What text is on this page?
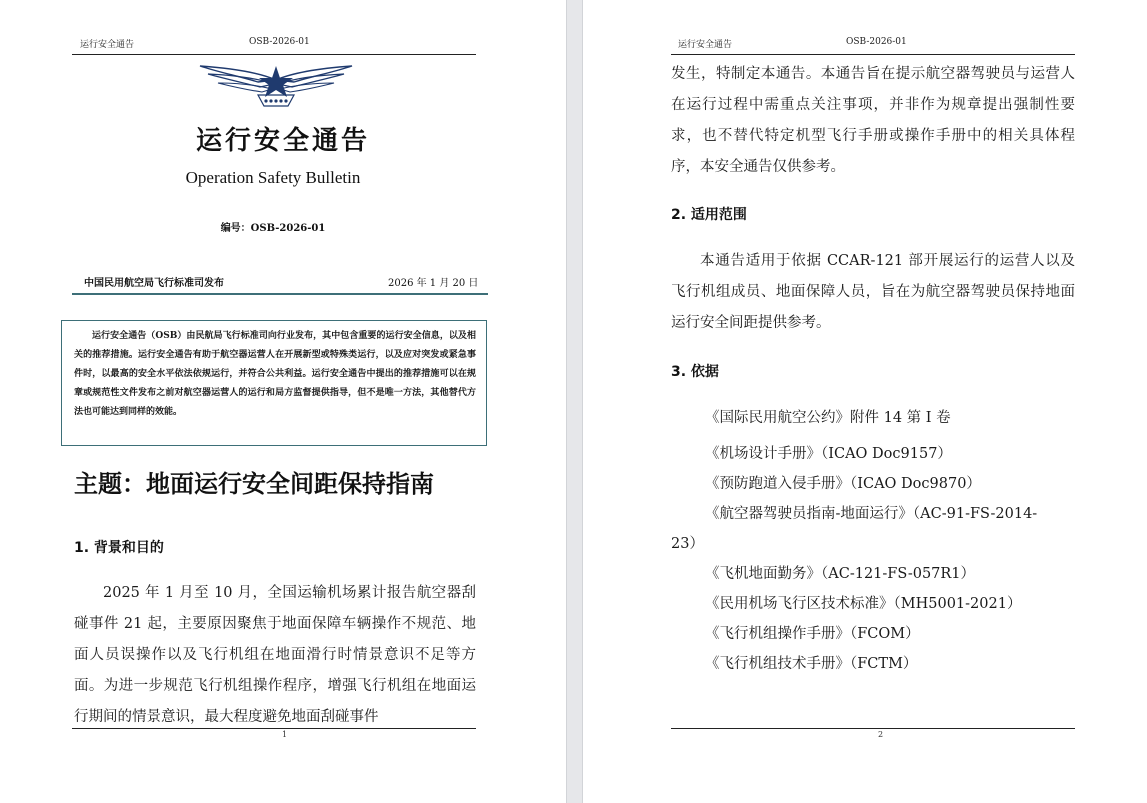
运行安全通告	OSB-2026-01
运行安全通告
Operation Safety Bulletin
编号：OSB-2026-01
中国民用航空局飞行标准司发布	2026 年 1 月 20 日
运行安全通告（OSB）由民航局飞行标准司向行业发布，其中包含重要的运行安全信息，以及相关的推荐措施。运行安全通告有助于航空器运营人在开展新型或特殊类运行，以及应对突发或紧急事件时，以最高的安全水平依法依规运行，并符合公共利益。运行安全通告中提出的推荐措施可以在规章或规范性文件发布之前对航空器运营人的运行和局方监督提供指导，但不是唯一方法，其他替代方法也可能达到同样的效能。
主题：地面运行安全间距保持指南
1. 背景和目的
2025 年 1 月至 10 月，全国运输机场累计报告航空器刮碰事件 21 起，主要原因聚焦于地面保障车辆操作不规范、地面人员误操作以及飞行机组在地面滑行时情景意识不足等方面。为进一步规范飞行机组操作程序，增强飞行机组在地面运行期间的情景意识，最大程度避免地面刮碰事件
1
运行安全通告	OSB-2026-01
发生，特制定本通告。本通告旨在提示航空器驾驶员与运营人在运行过程中需重点关注事项，并非作为规章提出强制性要求，也不替代特定机型飞行手册或操作手册中的相关具体程序，本安全通告仅供参考。
2. 适用范围
本通告适用于依据 CCAR-121 部开展运行的运营人以及飞行机组成员、地面保障人员，旨在为航空器驾驶员保持地面运行安全间距提供参考。
3. 依据
2
《国际民用航空公约》附件 14 第 I 卷
《机场设计手册》（ICAO Doc9157）
《预防跑道入侵手册》（ICAO Doc9870）
《航空器驾驶员指南-地面运行》（AC-91-FS-2014-
23）
《飞机地面勤务》（AC-121-FS-057R1）
《民用机场飞行区技术标准》（MH5001-2021）
《飞行机组操作手册》（FCOM）
《飞行机组技术手册》（FCTM）
